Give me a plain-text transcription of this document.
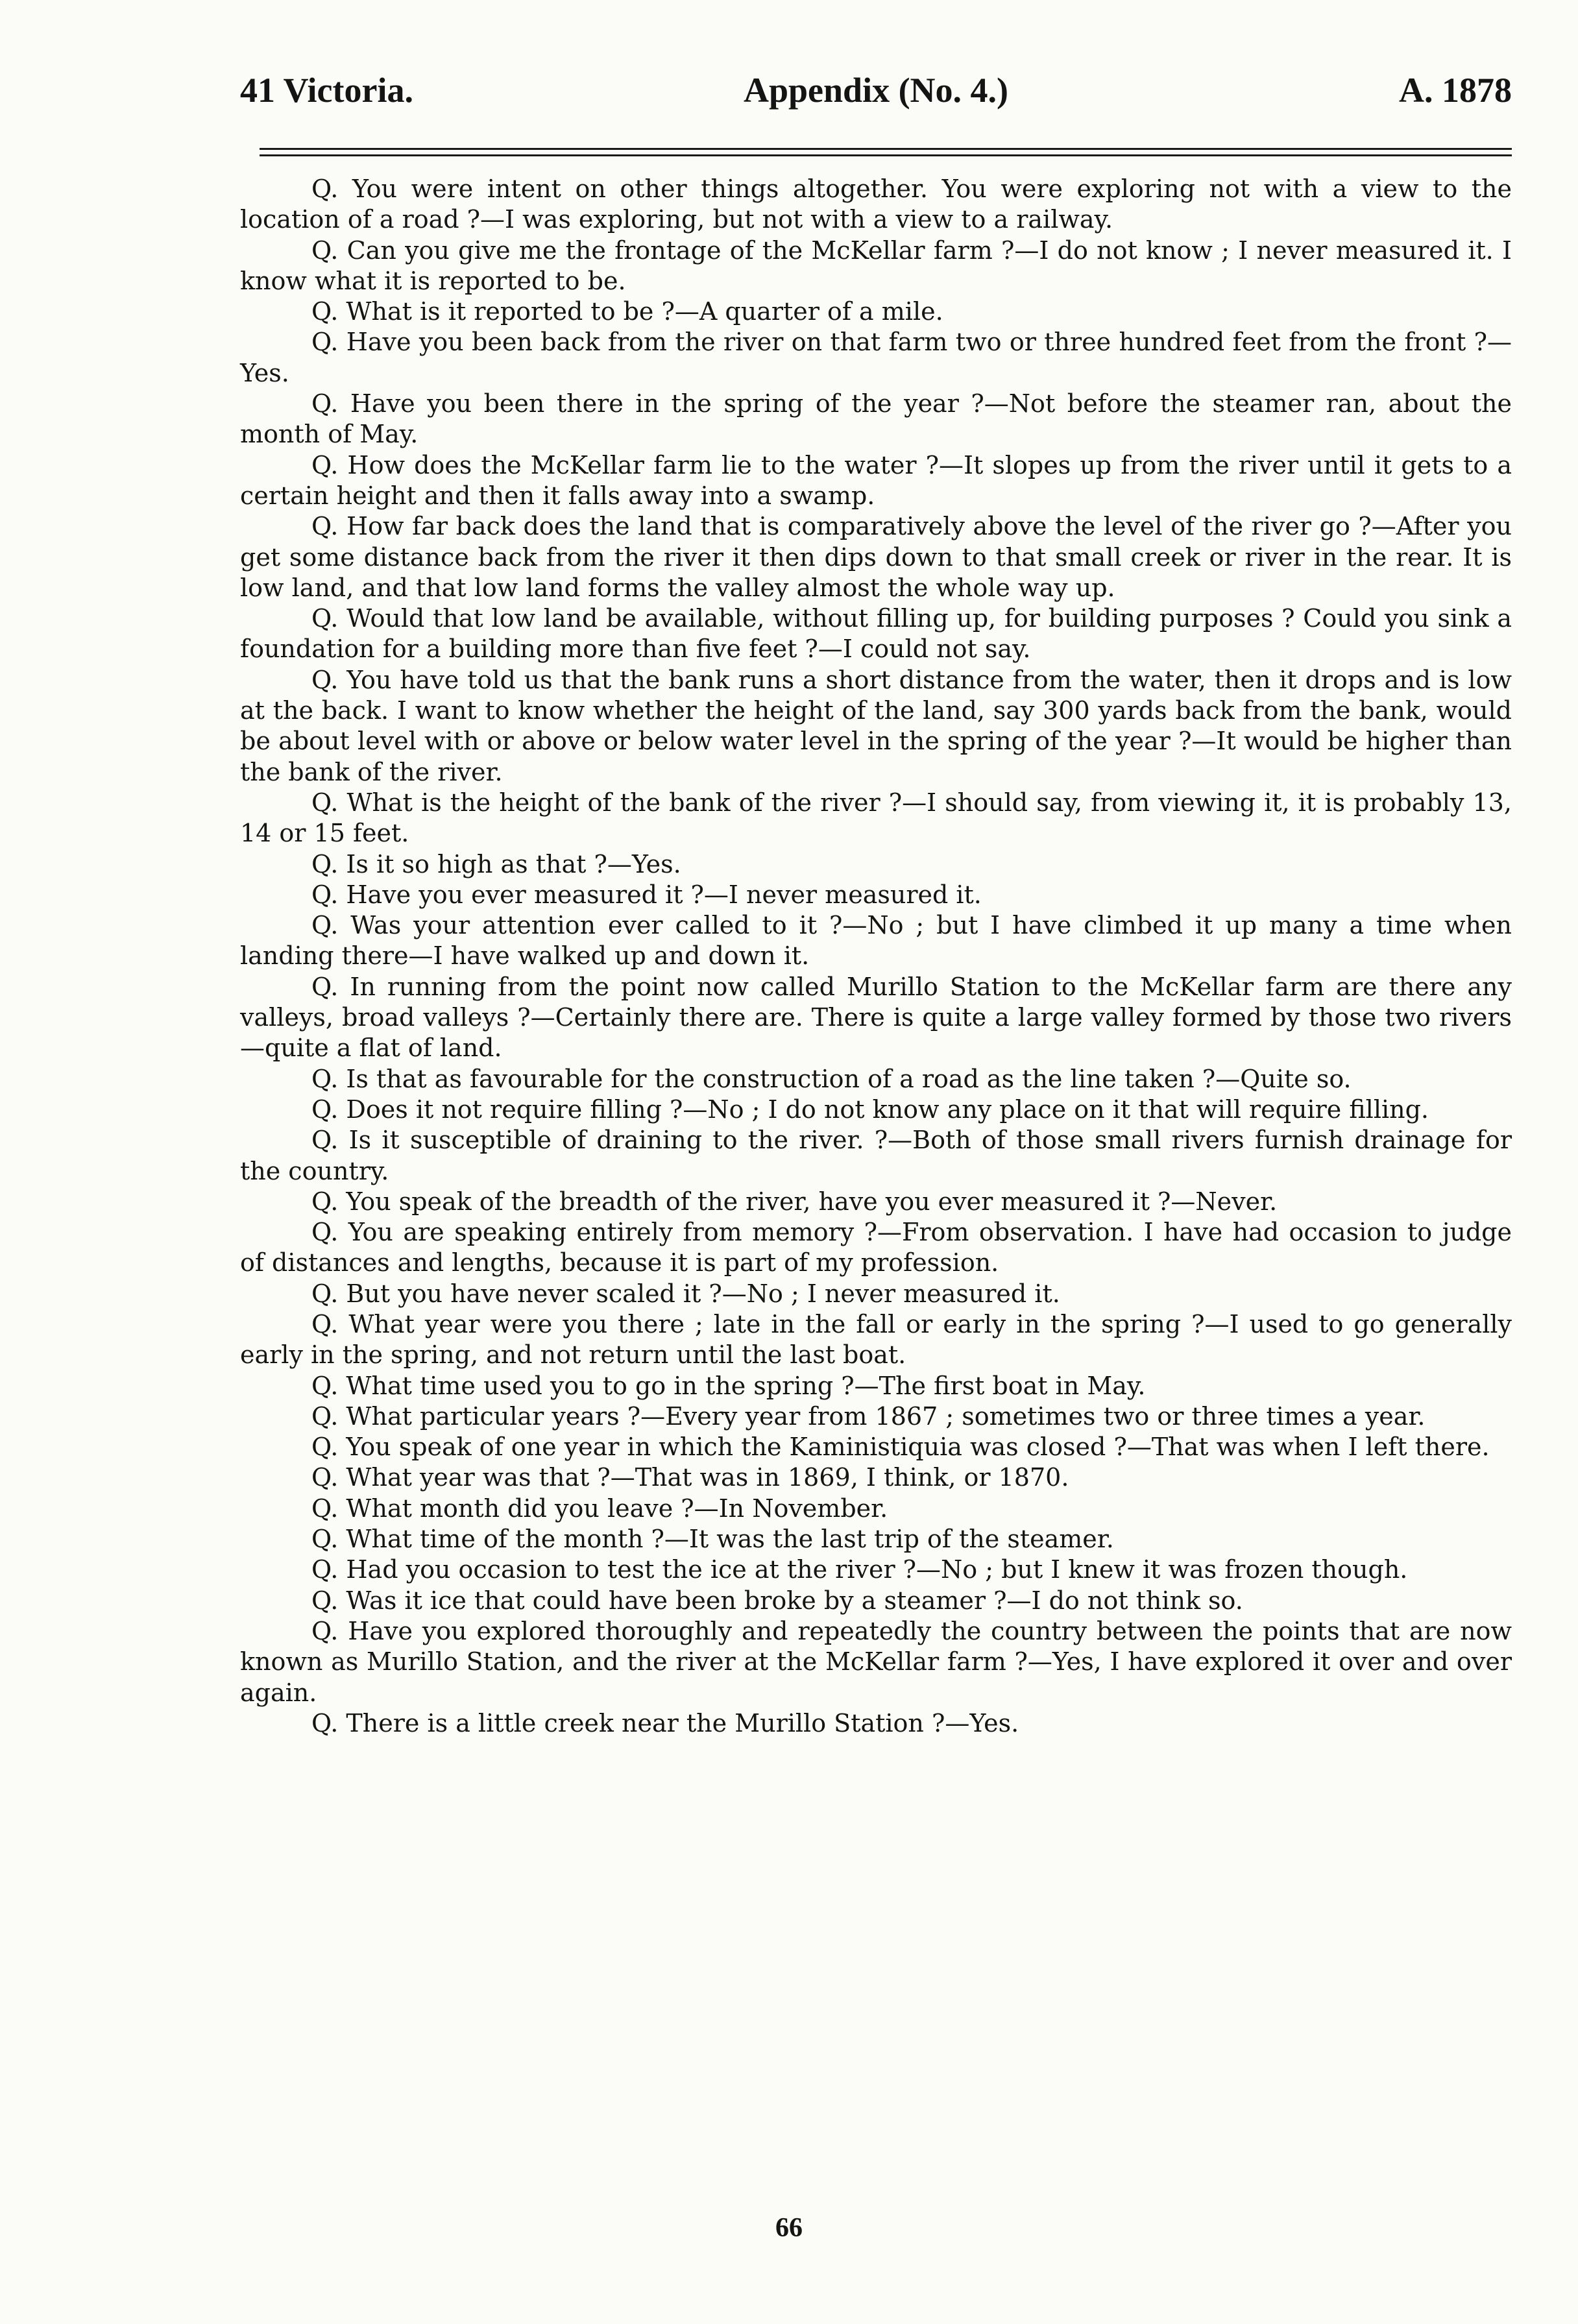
41 Victoria.	Appendix (No. 4.)	A. 1878

Q. You were intent on other things altogether. You were exploring not with a view to the location of a road ?—I was exploring, but not with a view to a railway.

Q. Can you give me the frontage of the McKellar farm ?—I do not know ; I never measured it. I know what it is reported to be.

Q. What is it reported to be ?—A quarter of a mile.

Q. Have you been back from the river on that farm two or three hundred feet from the front ?—Yes.

Q. Have you been there in the spring of the year ?—Not before the steamer ran, about the month of May.

Q. How does the McKellar farm lie to the water ?—It slopes up from the river until it gets to a certain height and then it falls away into a swamp.

Q. How far back does the land that is comparatively above the level of the river go ?—After you get some distance back from the river it then dips down to that small creek or river in the rear. It is low land, and that low land forms the valley almost the whole way up.

Q. Would that low land be available, without filling up, for building purposes ? Could you sink a foundation for a building more than five feet ?—I could not say.

Q. You have told us that the bank runs a short distance from the water, then it drops and is low at the back. I want to know whether the height of the land, say 300 yards back from the bank, would be about level with or above or below water level in the spring of the year ?—It would be higher than the bank of the river.

Q. What is the height of the bank of the river ?—I should say, from viewing it, it is probably 13, 14 or 15 feet.

Q. Is it so high as that ?—Yes.

Q. Have you ever measured it ?—I never measured it.

Q. Was your attention ever called to it ?—No ; but I have climbed it up many a time when landing there—I have walked up and down it.

Q. In running from the point now called Murillo Station to the McKellar farm are there any valleys, broad valleys ?—Certainly there are. There is quite a large valley formed by those two rivers—quite a flat of land.

Q. Is that as favourable for the construction of a road as the line taken ?—Quite so.

Q. Does it not require filling ?—No ; I do not know any place on it that will require filling.

Q. Is it susceptible of draining to the river. ?—Both of those small rivers furnish drainage for the country.

Q. You speak of the breadth of the river, have you ever measured it ?—Never.

Q. You are speaking entirely from memory ?—From observation. I have had occasion to judge of distances and lengths, because it is part of my profession.

Q. But you have never scaled it ?—No ; I never measured it.

Q. What year were you there ; late in the fall or early in the spring ?—I used to go generally early in the spring, and not return until the last boat.

Q. What time used you to go in the spring ?—The first boat in May.

Q. What particular years ?—Every year from 1867 ; sometimes two or three times a year.

Q. You speak of one year in which the Kaministiquia was closed ?—That was when I left there.

Q. What year was that ?—That was in 1869, I think, or 1870.

Q. What month did you leave ?—In November.

Q. What time of the month ?—It was the last trip of the steamer.

Q. Had you occasion to test the ice at the river ?—No ; but I knew it was frozen though.

Q. Was it ice that could have been broke by a steamer ?—I do not think so.

Q. Have you explored thoroughly and repeatedly the country between the points that are now known as Murillo Station, and the river at the McKellar farm ?—Yes, I have explored it over and over again.

Q. There is a little creek near the Murillo Station ?—Yes.

66
